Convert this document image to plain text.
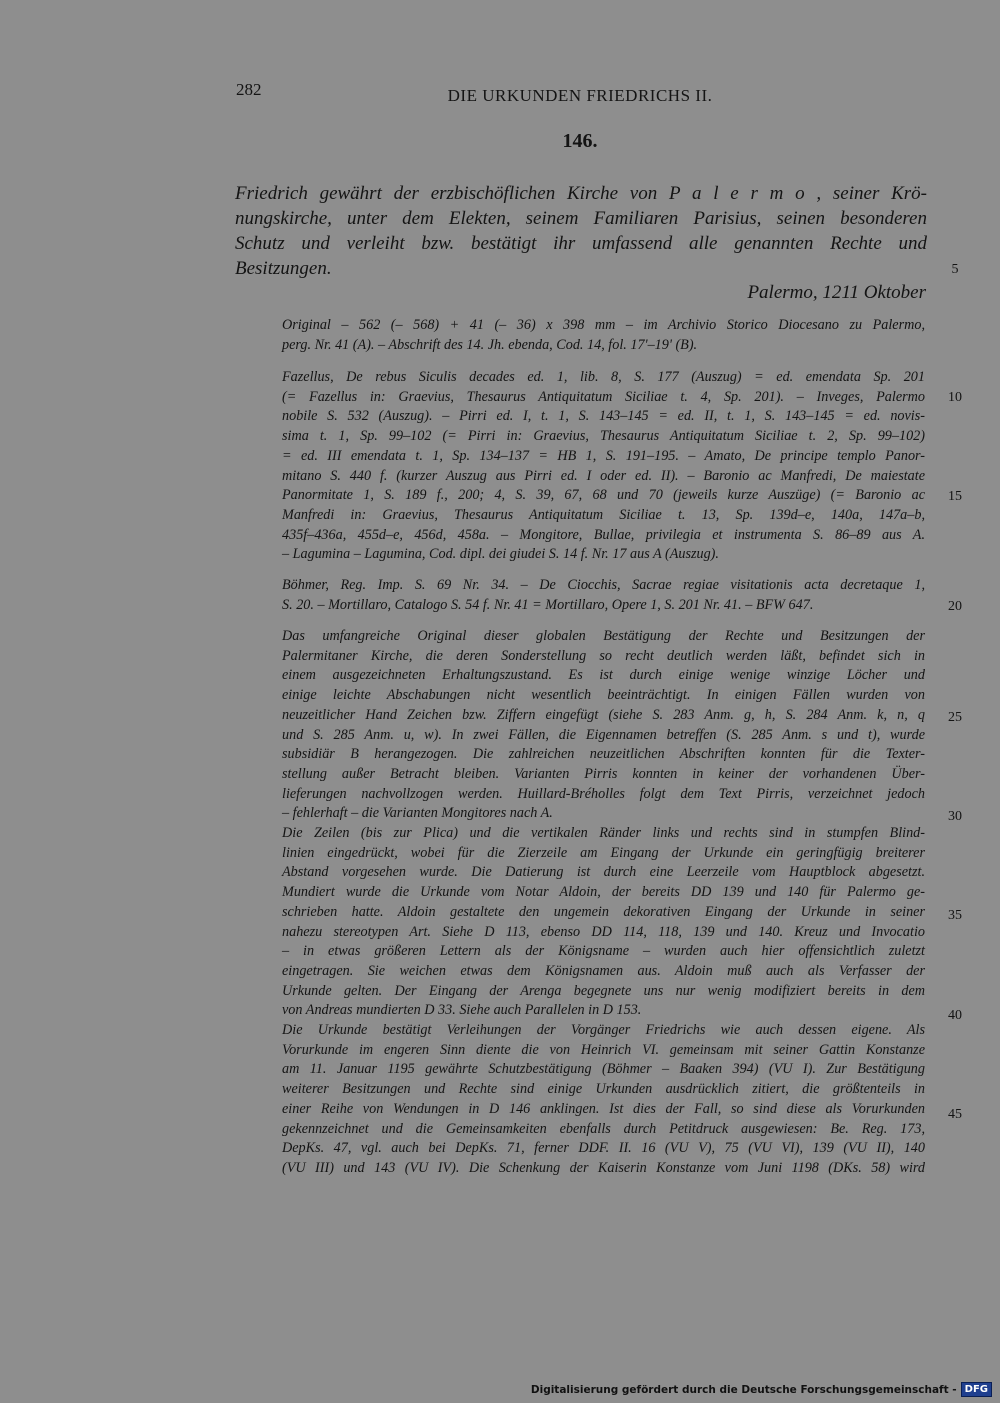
282	DIE URKUNDEN FRIEDRICHS II.
146.
Friedrich gewährt der erzbischöflichen Kirche von P a l e r m o , seiner Krö-
nungskirche, unter dem Elekten, seinem Familiaren Parisius, seinen besonderen
Schutz und verleiht bzw. bestätigt ihr umfassend alle genannten Rechte und
Besitzungen.
Palermo, 1211 Oktober
Original – 562 (– 568) + 41 (– 36) x 398 mm – im Archivio Storico Diocesano zu Palermo,
perg. Nr. 41 (A). – Abschrift des 14. Jh. ebenda, Cod. 14, fol. 17'–19' (B).
Fazellus, De rebus Siculis decades ed. 1, lib. 8, S. 177 (Auszug) = ed. emendata Sp. 201
(= Fazellus in: Graevius, Thesaurus Antiquitatum Siciliae t. 4, Sp. 201). – Inveges, Palermo
nobile S. 532 (Auszug). – Pirri ed. I, t. 1, S. 143–145 = ed. II, t. 1, S. 143–145 = ed. novis-
sima t. 1, Sp. 99–102 (= Pirri in: Graevius, Thesaurus Antiquitatum Siciliae t. 2, Sp. 99–102)
= ed. III emendata t. 1, Sp. 134–137 = HB 1, S. 191–195. – Amato, De principe templo Panor-
mitano S. 440 f. (kurzer Auszug aus Pirri ed. I oder ed. II). – Baronio ac Manfredi, De maiestate
Panormitate 1, S. 189 f., 200; 4, S. 39, 67, 68 und 70 (jeweils kurze Auszüge) (= Baronio ac
Manfredi in: Graevius, Thesaurus Antiquitatum Siciliae t. 13, Sp. 139d–e, 140a, 147a–b,
435f–436a, 455d–e, 456d, 458a. – Mongitore, Bullae, privilegia et instrumenta S. 86–89 aus A.
– Lagumina – Lagumina, Cod. dipl. dei giudei S. 14 f. Nr. 17 aus A (Auszug).
Böhmer, Reg. Imp. S. 69 Nr. 34. – De Ciocchis, Sacrae regiae visitationis acta decretaque 1,
S. 20. – Mortillaro, Catalogo S. 54 f. Nr. 41 = Mortillaro, Opere 1, S. 201 Nr. 41. – BFW 647.
Das umfangreiche Original dieser globalen Bestätigung der Rechte und Besitzungen der
Palermitaner Kirche, die deren Sonderstellung so recht deutlich werden läßt, befindet sich in
einem ausgezeichneten Erhaltungszustand. Es ist durch einige wenige winzige Löcher und
einige leichte Abschabungen nicht wesentlich beeinträchtigt. In einigen Fällen wurden von
neuzeitlicher Hand Zeichen bzw. Ziffern eingefügt (siehe S. 283 Anm. g, h, S. 284 Anm. k, n, q
und S. 285 Anm. u, w). In zwei Fällen, die Eigennamen betreffen (S. 285 Anm. s und t), wurde
subsidiär B herangezogen. Die zahlreichen neuzeitlichen Abschriften konnten für die Texter-
stellung außer Betracht bleiben. Varianten Pirris konnten in keiner der vorhandenen Über-
lieferungen nachvollzogen werden. Huillard-Bréholles folgt dem Text Pirris, verzeichnet jedoch
– fehlerhaft – die Varianten Mongitores nach A.
Die Zeilen (bis zur Plica) und die vertikalen Ränder links und rechts sind in stumpfen Blind-
linien eingedrückt, wobei für die Zierzeile am Eingang der Urkunde ein geringfügig breiterer
Abstand vorgesehen wurde. Die Datierung ist durch eine Leerzeile vom Hauptblock abgesetzt.
Mundiert wurde die Urkunde vom Notar Aldoin, der bereits DD 139 und 140 für Palermo ge-
schrieben hatte. Aldoin gestaltete den ungemein dekorativen Eingang der Urkunde in seiner
nahezu stereotypen Art. Siehe D 113, ebenso DD 114, 118, 139 und 140. Kreuz und Invocatio
– in etwas größeren Lettern als der Königsname – wurden auch hier offensichtlich zuletzt
eingetragen. Sie weichen etwas dem Königsnamen aus. Aldoin muß auch als Verfasser der
Urkunde gelten. Der Eingang der Arenga begegnete uns nur wenig modifiziert bereits in dem
von Andreas mundierten D 33. Siehe auch Parallelen in D 153.
Die Urkunde bestätigt Verleihungen der Vorgänger Friedrichs wie auch dessen eigene. Als
Vorurkunde im engeren Sinn diente die von Heinrich VI. gemeinsam mit seiner Gattin Konstanze
am 11. Januar 1195 gewährte Schutzbestätigung (Böhmer – Baaken 394) (VU I). Zur Bestätigung
weiterer Besitzungen und Rechte sind einige Urkunden ausdrücklich zitiert, die größtenteils in
einer Reihe von Wendungen in D 146 anklingen. Ist dies der Fall, so sind diese als Vorurkunden
gekennzeichnet und die Gemeinsamkeiten ebenfalls durch Petitdruck ausgewiesen: Be. Reg. 173,
DepKs. 47, vgl. auch bei DepKs. 71, ferner DDF. II. 16 (VU V), 75 (VU VI), 139 (VU II), 140
(VU III) und 143 (VU IV). Die Schenkung der Kaiserin Konstanze vom Juni 1198 (DKs. 58) wird
5
10
15
20
25
30
35
40
45
Digitalisierung gefördert durch die Deutsche Forschungsgemeinschaft - DFG
